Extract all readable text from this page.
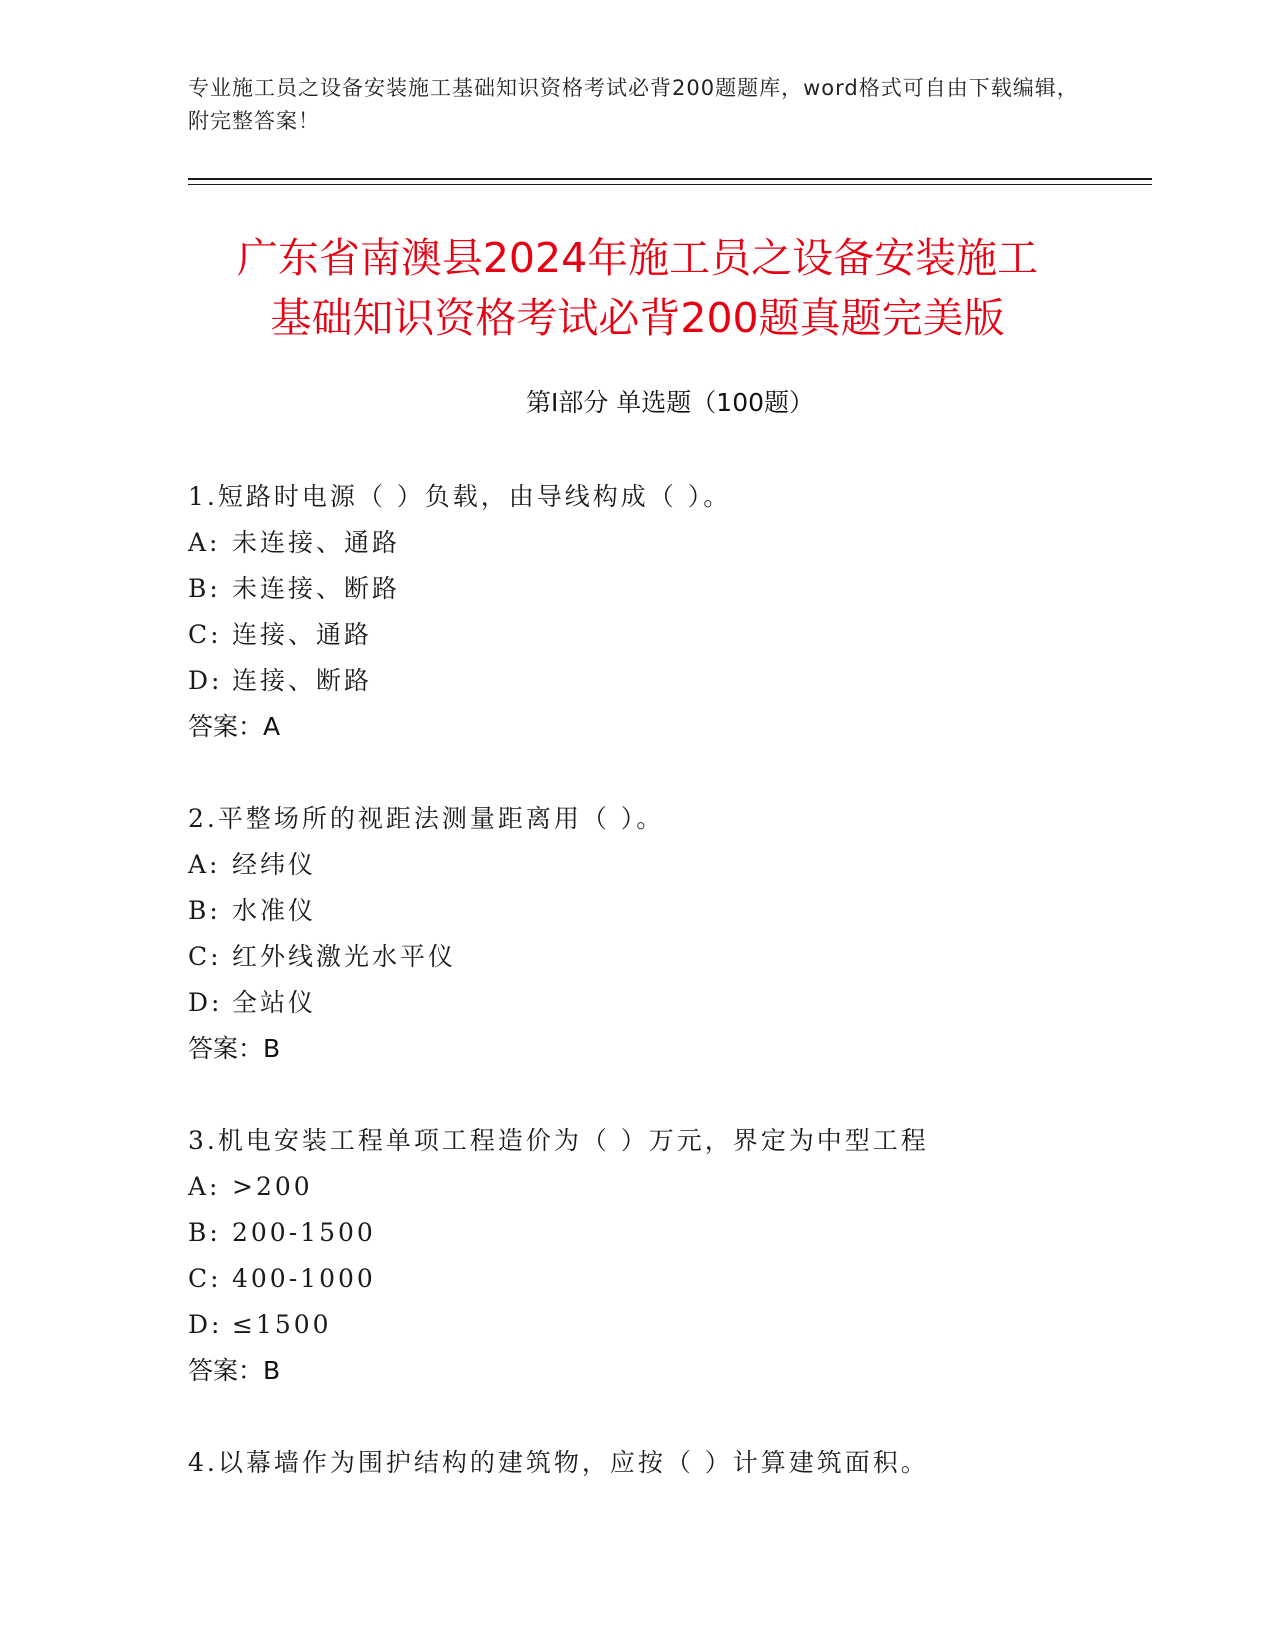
专业施工员之设备安装施工基础知识资格考试必背200题题库，word格式可自由下载编辑，附完整答案！
广东省南澳县2024年施工员之设备安装施工
基础知识资格考试必背200题真题完美版
第Ⅰ部分 单选题（100题）

1.短路时电源（ ）负载，由导线构成（ ）。

A: 未连接、通路

B: 未连接、断路

C: 连接、通路

D: 连接、断路

答案：A

2.平整场所的视距法测量距离用（ ）。

A: 经纬仪

B: 水准仪

C: 红外线激光水平仪

D: 全站仪

答案：B

3.机电安装工程单项工程造价为（ ）万元，界定为中型工程

A: >200

B: 200-1500

C: 400-1000

D: ≤1500

答案：B

4.以幕墙作为围护结构的建筑物，应按（ ）计算建筑面积。
